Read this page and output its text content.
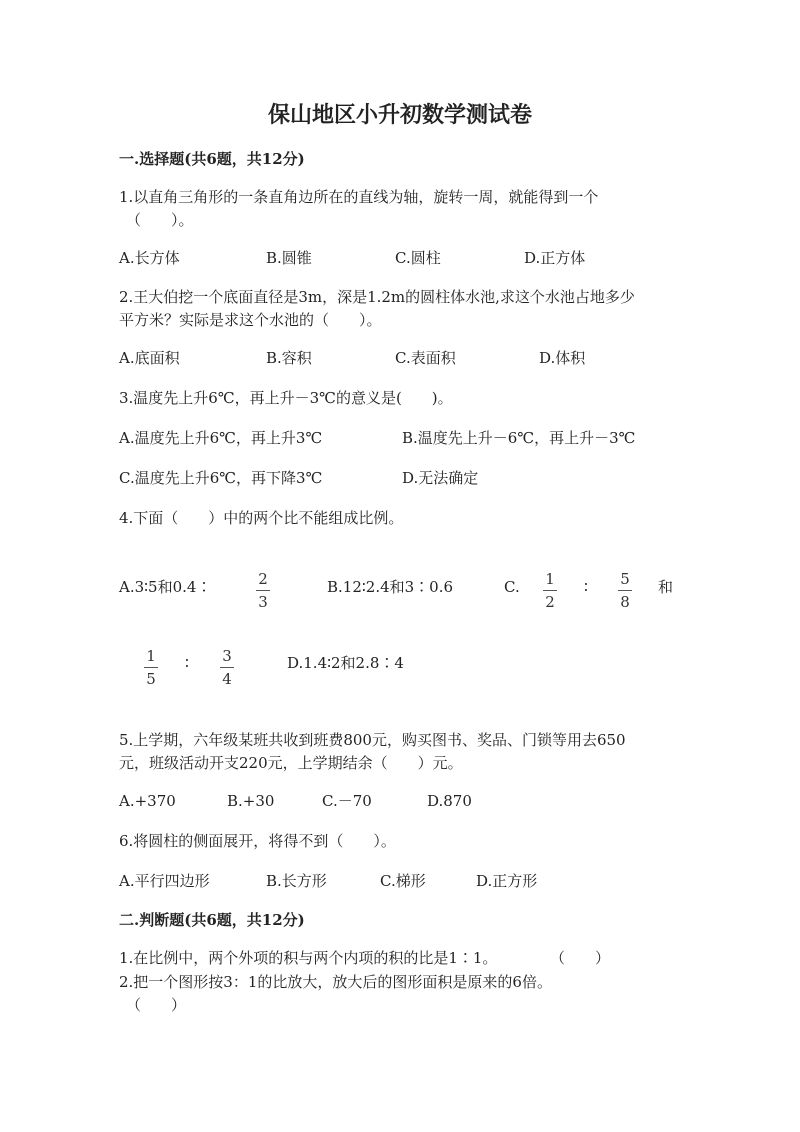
保山地区小升初数学测试卷
一.选择题(共6题，共12分)
1.以直角三角形的一条直角边所在的直线为轴，旋转一周，就能得到一个
（　　）。
A.长方体	B.圆锥	C.圆柱	D.正方体
2.王大伯挖一个底面直径是3m，深是1.2m的圆柱体水池,求这个水池占地多少
平方米？实际是求这个水池的（　　）。
A.底面积	B.容积	C.表面积	D.体积
3.温度先上升6℃，再上升－3℃的意义是(　　)。
A.温度先上升6℃，再上升3℃	B.温度先上升－6℃，再上升－3℃
C.温度先上升6℃，再下降3℃	D.无法确定
4.下面（　　）中的两个比不能组成比例。
A.3∶5和0.4∶	2
3
B.12∶2.4和3∶0.6	C. 1
2
∶ 5
8
和
1
5
∶ 3
4
D.1.4∶2和2.8∶4
5.上学期，六年级某班共收到班费800元，购买图书、奖品、门锁等用去650
元，班级活动开支220元，上学期结余（　　）元。
A.+370	B.+30	C.－70	D.870
6.将圆柱的侧面展开，将得不到（　　）。
A.平行四边形	B.长方形	C.梯形	D.正方形
二.判断题(共6题，共12分)
1.在比例中，两个外项的积与两个内项的积的比是1∶1。	（　　）
2.把一个图形按3：1的比放大，放大后的图形面积是原来的6倍。
（　　）
